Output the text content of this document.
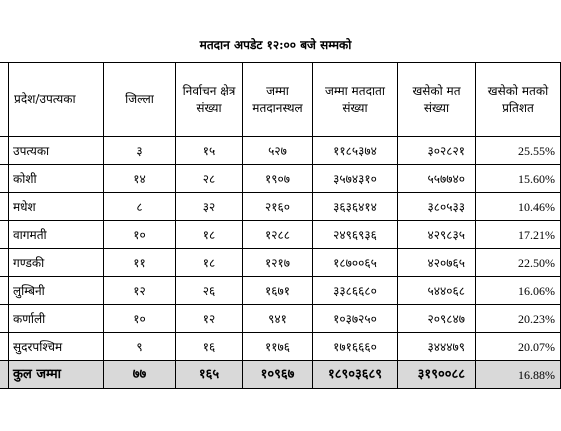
मतदान अपडेट १२:०० बजे सम्मको
	प्रदेश/उपत्यका	जिल्ला	निर्वाचन क्षेत्र संख्या	जम्मा मतदानस्थल	जम्मा मतदाता संख्या	खसेको मत संख्या	खसेको मतको प्रतिशत
	उपत्यका	३	१५	५२७	११८५३७४	३०२८२१	25.55%
	कोशी	१४	२८	१९०७	३५७४३१०	५५७७४०	15.60%
	मधेश	८	३२	२१६०	३६३६४१४	३८०५३३	10.46%
	वागमती	१०	१८	१२८८	२४९६९३६	४२९८३५	17.21%
	गण्डकी	११	१८	१२१७	१८७००६५	४२०७६५	22.50%
	लुम्बिनी	१२	२६	१६७१	३३८६६८०	५४४०६८	16.06%
	कर्णाली	१०	१२	९४१	१०३७२५०	२०९८४७	20.23%
	सुदरपश्चिम	९	१६	११७६	१७१६६६०	३४४४७९	20.07%
	कुल जम्मा	७७	१६५	१०९६७	१८९०३६८९	३१९००८८	16.88%
